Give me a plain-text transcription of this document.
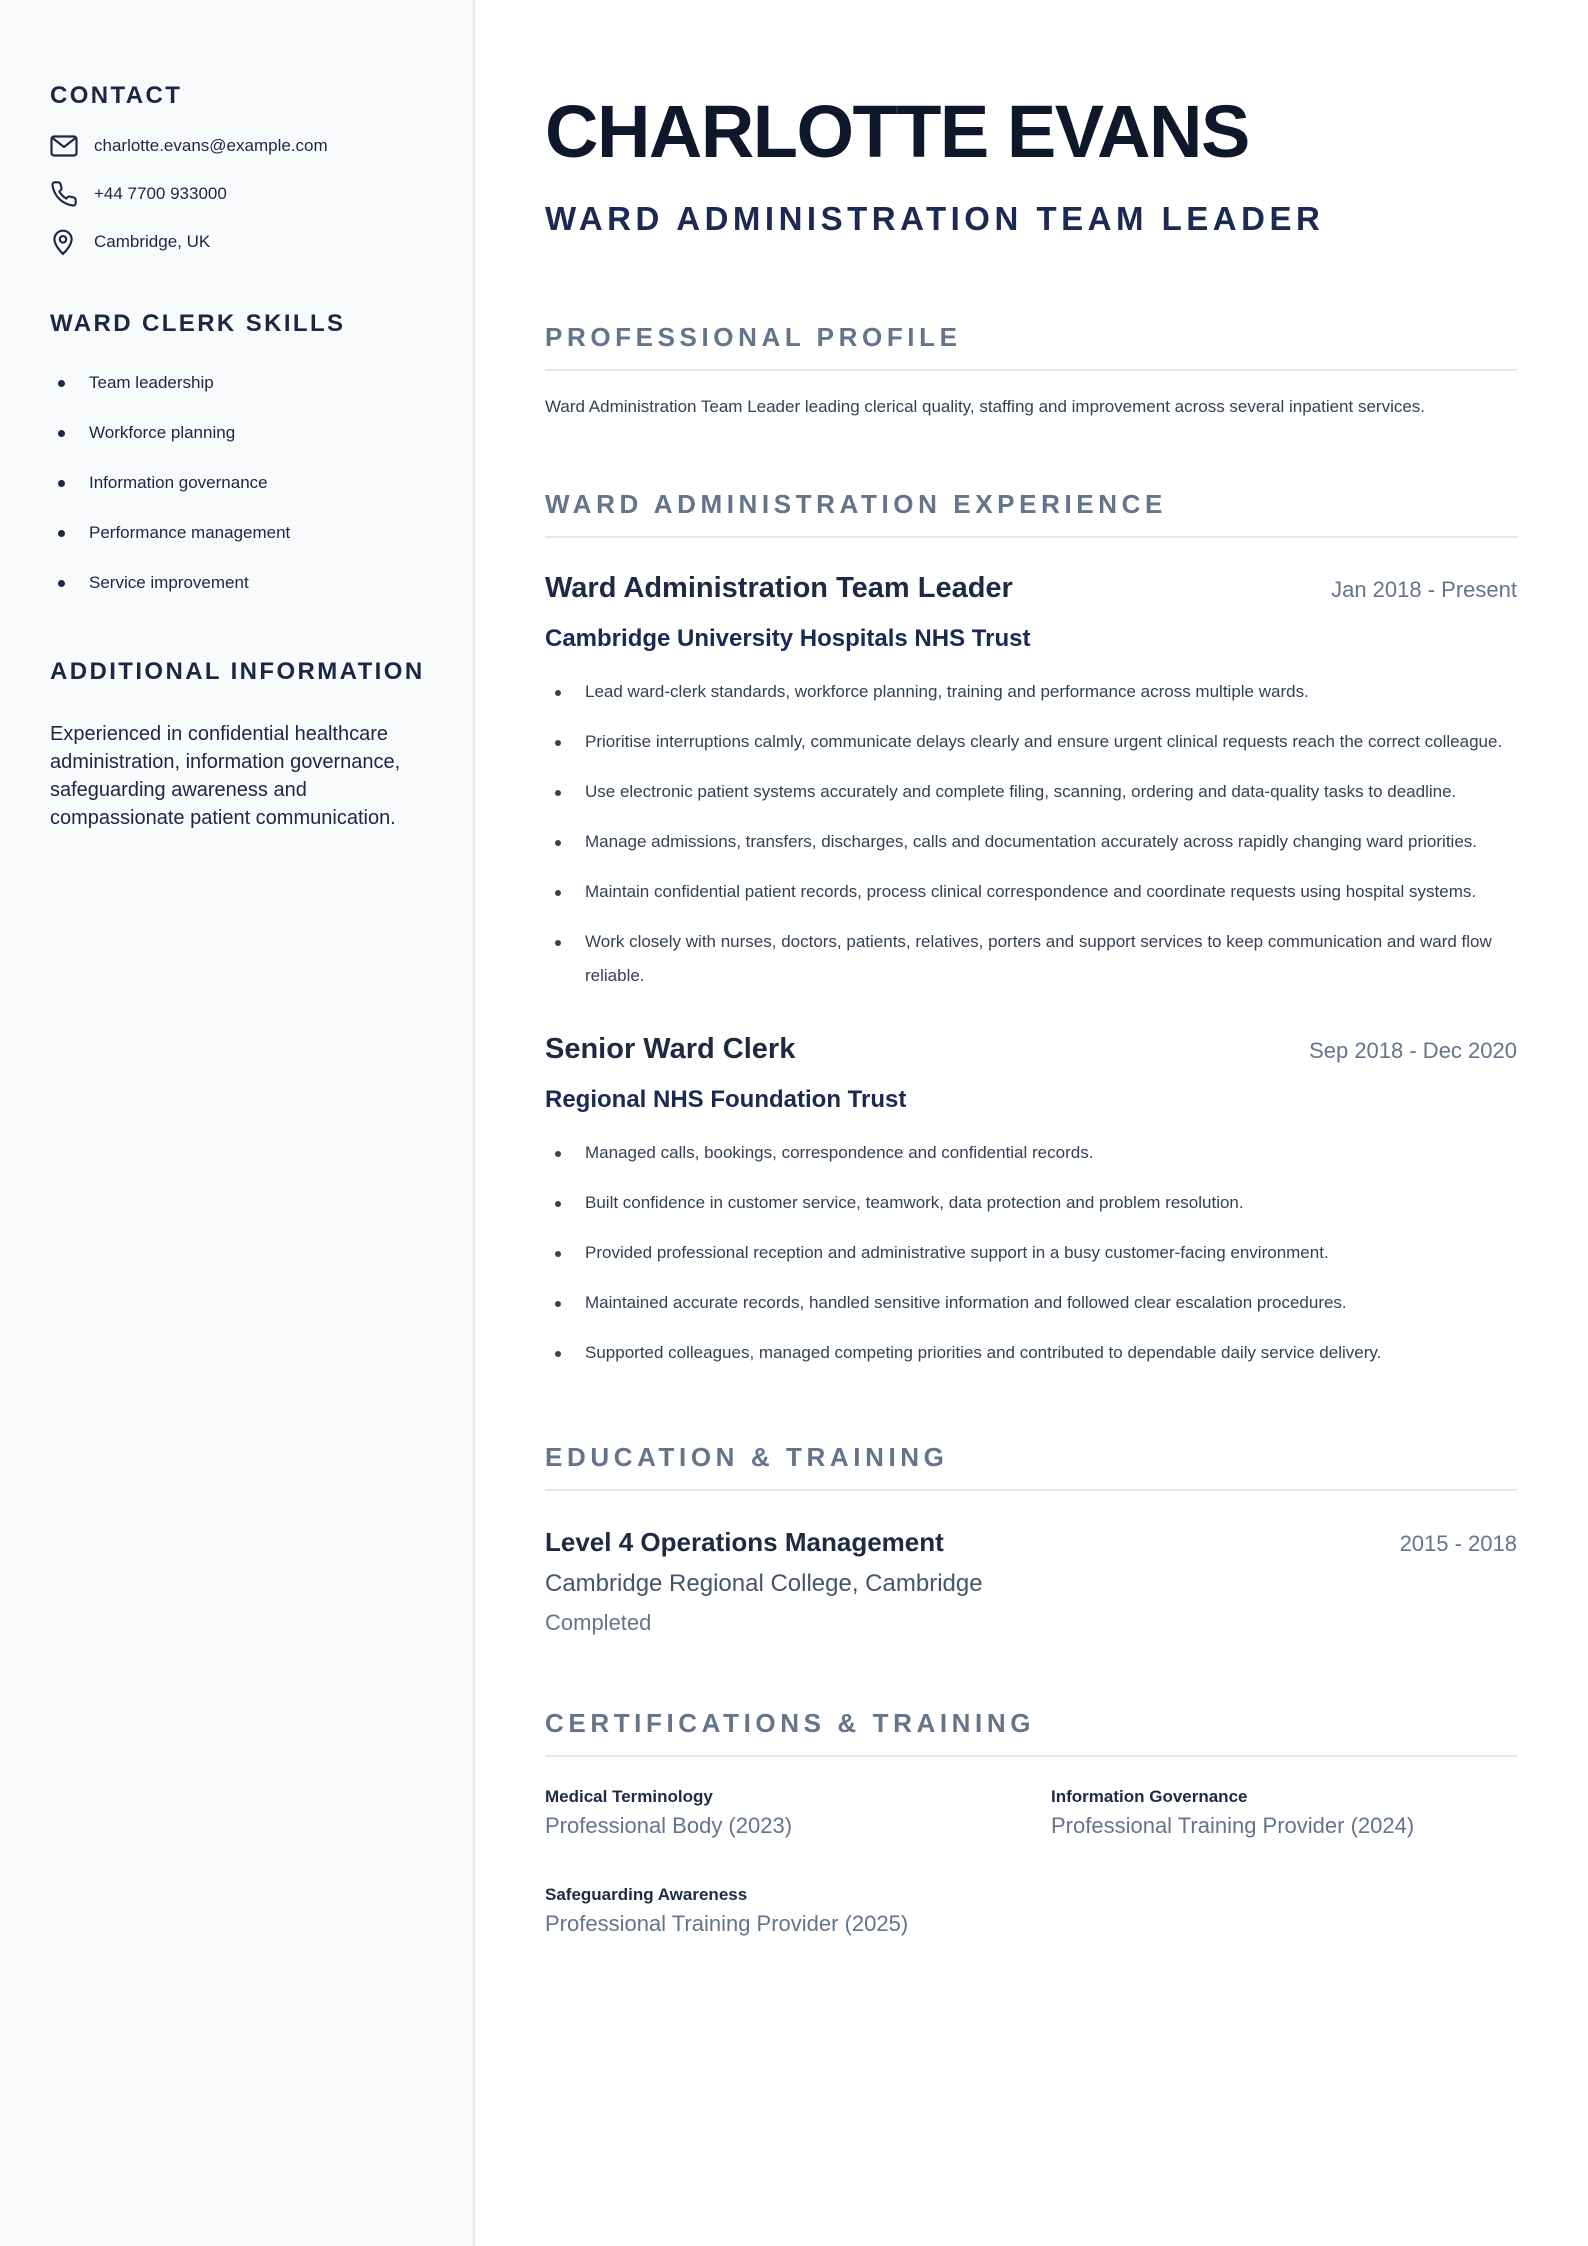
CONTACT
charlotte.evans@example.com
+44 7700 933000
Cambridge, UK
WARD CLERK SKILLS
Team leadership
Workforce planning
Information governance
Performance management
Service improvement
ADDITIONAL INFORMATION

Experienced in confidential healthcare administration, information governance, safeguarding awareness and compassionate patient communication.

CHARLOTTE EVANS
WARD ADMINISTRATION TEAM LEADER
PROFESSIONAL PROFILE

Ward Administration Team Leader leading clerical quality, staffing and improvement across several inpatient services.

WARD ADMINISTRATION EXPERIENCE
Ward Administration Team Leader	Jan 2018 - Present
Cambridge University Hospitals NHS Trust
Lead ward-clerk standards, workforce planning, training and performance across multiple wards.
Prioritise interruptions calmly, communicate delays clearly and ensure urgent clinical requests reach the correct colleague.
Use electronic patient systems accurately and complete filing, scanning, ordering and data-quality tasks to deadline.
Manage admissions, transfers, discharges, calls and documentation accurately across rapidly changing ward priorities.
Maintain confidential patient records, process clinical correspondence and coordinate requests using hospital systems.
Work closely with nurses, doctors, patients, relatives, porters and support services to keep communication and ward flow reliable.
Senior Ward Clerk	Sep 2018 - Dec 2020
Regional NHS Foundation Trust
Managed calls, bookings, correspondence and confidential records.
Built confidence in customer service, teamwork, data protection and problem resolution.
Provided professional reception and administrative support in a busy customer-facing environment.
Maintained accurate records, handled sensitive information and followed clear escalation procedures.
Supported colleagues, managed competing priorities and contributed to dependable daily service delivery.
EDUCATION & TRAINING
Level 4 Operations Management	2015 - 2018
Cambridge Regional College, Cambridge
Completed
CERTIFICATIONS & TRAINING
Medical Terminology
Professional Body (2023)
Information Governance
Professional Training Provider (2024)
Safeguarding Awareness
Professional Training Provider (2025)
